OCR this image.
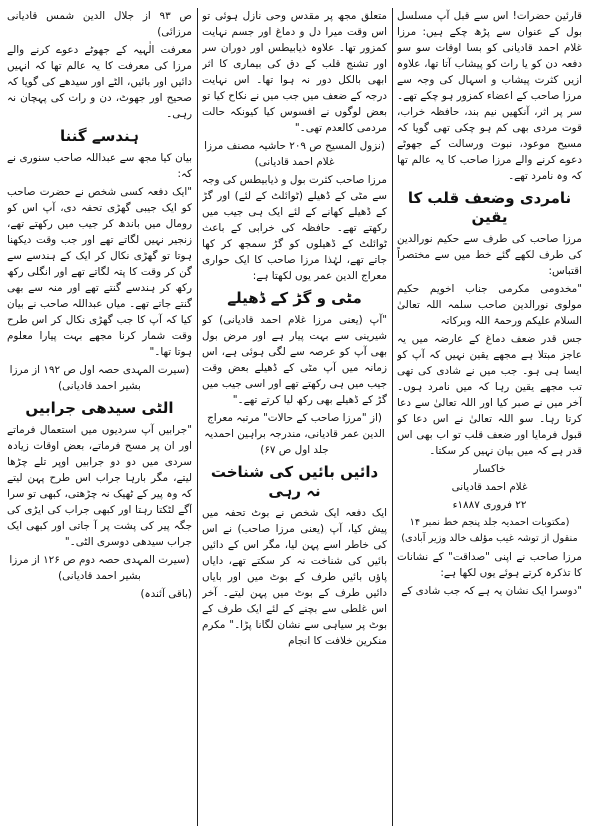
قارئین حضرات! اس سے قبل آپ مسلسل بول کے عنوان سے پڑھ چکے ہیں: مرزا غلام احمد قادیانی کو بسا اوقات سو سو دفعہ دن کو یا رات کو پیشاب آتا تھا، علاوہ ازیں کثرت پیشاب و اسہال کی وجہ سے مرزا صاحب کے اعضاء کمزور ہو چکے تھے۔ سر پر اثر، آنکھیں نیم بند، حافظہ خراب، قوت مردی بھی کم ہو چکی تھی گویا کہ مسیح موعود، نبوت ورسالت کے جھوٹے دعوے کرنے والے مرزا صاحب کا یہ عالم تھا کہ وہ نامرد تھے۔

نامردی وضعف قلب کا یقین

مرزا صاحب کی طرف سے حکیم نورالدین کی طرف لکھے گئے خط میں سے مختصراً اقتباس:

"مخدومی مکرمی جناب اخویم حکیم مولوی نورالدین صاحب سلمہ اللہ تعالیٰ السلام علیکم ورحمۃ اللہ وبرکاتہ

جس قدر ضعف دماغ کے عارضہ میں یہ عاجز مبتلا ہے مجھے یقین نہیں کہ آپ کو ایسا ہی ہو۔ جب میں نے شادی کی تھی تب مجھے یقین رہا کہ میں نامرد ہوں۔ آخر میں نے صبر کیا اور اللہ تعالیٰ سے دعا کرتا رہا۔ سو اللہ تعالیٰ نے اس دعا کو قبول فرمایا اور ضعف قلب تو اب بھی اس قدر ہے کہ میں بیان نہیں کر سکتا۔

خاکسار

غلام احمد قادیانی

۲۲ فروری ۱۸۸۷ء

(مکتوبات احمدیہ جلد پنجم خط نمبر ۱۴ منقول از توشہ غیب مؤلف خالد وزیر آبادی)

مرزا صاحب نے اپنی "صداقت" کے نشانات کا تذکرہ کرتے ہوئے یوں لکھا ہے:

"دوسرا ایک نشان یہ ہے کہ جب شادی کے

متعلق مجھ پر مقدس وحی نازل ہوئی تو اس وقت میرا دل و دماغ اور جسم نہایت کمزور تھا۔ علاوہ ذیابیطس اور دوران سر اور تشنج قلب کے دق کی بیماری کا اثر ابھی بالکل دور نہ ہوا تھا۔ اس نہایت درجہ کے ضعف میں جب میں نے نکاح کیا تو بعض لوگوں نے افسوس کیا کیونکہ حالت مردمی کالعدم تھی۔"

(نزول المسیح ص ۲۰۹ حاشیہ مصنف مرزا غلام احمد قادیانی)

مرزا صاحب کثرت بول و ذیابیطس کی وجہ سے مٹی کے ڈھیلے (ٹوائلٹ کے لئے) اور گڑ کے ڈھیلے کھانے کے لئے ایک ہی جیب میں رکھتے تھے۔ حافظہ کی خرابی کے باعث ٹوائلٹ کے ڈھیلوں کو گڑ سمجھ کر کھا جاتے تھے، لہٰذا مرزا صاحب کا ایک حواری معراج الدین عمر یوں لکھتا ہے:

مٹی و گڑ کے ڈھیلے

"آپ (یعنی مرزا غلام احمد قادیانی) کو شیرینی سے بہت پیار ہے اور مرض بول بھی آپ کو عرصہ سے لگی ہوئی ہے، اس زمانہ میں آپ مٹی کے ڈھیلے بعض وقت جیب میں ہی رکھتے تھے اور اسی جیب میں گڑ کے ڈھیلے بھی رکھ لیا کرتے تھے۔"

(از "مرزا صاحب کے حالات" مرتبہ معراج الدین عمر قادیانی، مندرجہ براہین احمدیہ جلد اول ص ۶۷)

دائیں بائیں کی شناخت نہ رہی

ایک دفعہ ایک شخص نے بوٹ تحفہ میں پیش کیا، آپ (یعنی مرزا صاحب) نے اس کی خاطر اسے پہن لیا، مگر اس کے دائیں بائیں کی شناخت نہ کر سکتے تھے، دایاں پاؤں بائیں طرف کے بوٹ میں اور بایاں دائیں طرف کے بوٹ میں پہن لیتے۔ آخر اس غلطی سے بچنے کے لئے ایک طرف کے بوٹ پر سیاہی سے نشان لگانا پڑا۔" مکرم منکرین خلافت کا انجام

ص ۹۳ از جلال الدین شمس قادیانی مرزائی)

معرفت الٰہیہ کے جھوٹے دعوے کرنے والے مرزا کی معرفت کا یہ عالم تھا کہ انہیں دائیں اور بائیں، الٹے اور سیدھے کی گویا کہ صحیح اور جھوٹ، دن و رات کی پہچان نہ رہی۔

ہندسے گننا

بیان کیا مجھ سے عبداللہ صاحب سنوری نے کہ:

"ایک دفعہ کسی شخص نے حضرت صاحب کو ایک جیبی گھڑی تحفہ دی، آپ اس کو رومال میں باندھ کر جیب میں رکھتے تھے، زنجیر نہیں لگاتے تھے اور جب وقت دیکھنا ہوتا تو گھڑی نکال کر ایک کے ہندسے سے گن کر وقت کا پتہ لگاتے تھے اور انگلی رکھ رکھ کر ہندسے گنتے تھے اور منہ سے بھی گنتے جاتے تھے۔ میاں عبداللہ صاحب نے بیان کیا کہ آپ کا جب گھڑی نکال کر اس طرح وقت شمار کرنا مجھے بہت پیارا معلوم ہوتا تھا۔"

(سیرت المہدی حصہ اول ص ۱۹۲ از مرزا بشیر احمد قادیانی)

الٹی سیدھی جرابیں

"جرابیں آپ سردیوں میں استعمال فرماتے اور ان پر مسح فرماتے، بعض اوقات زیادہ سردی میں دو دو جرابیں اوپر تلے چڑھا لیتے، مگر بارہا جراب اس طرح پہن لیتے کہ وہ پیر کے ٹھیک نہ چڑھتی، کبھی تو سرا آگے لٹکتا رہتا اور کبھی جراب کی ایڑی کی جگہ پیر کی پشت پر آ جاتی اور کبھی ایک جراب سیدھی دوسری الٹی۔"

(سیرت المہدی حصہ دوم ص ۱۲۶ از مرزا بشیر احمد قادیانی)

(باقی آئندہ)
